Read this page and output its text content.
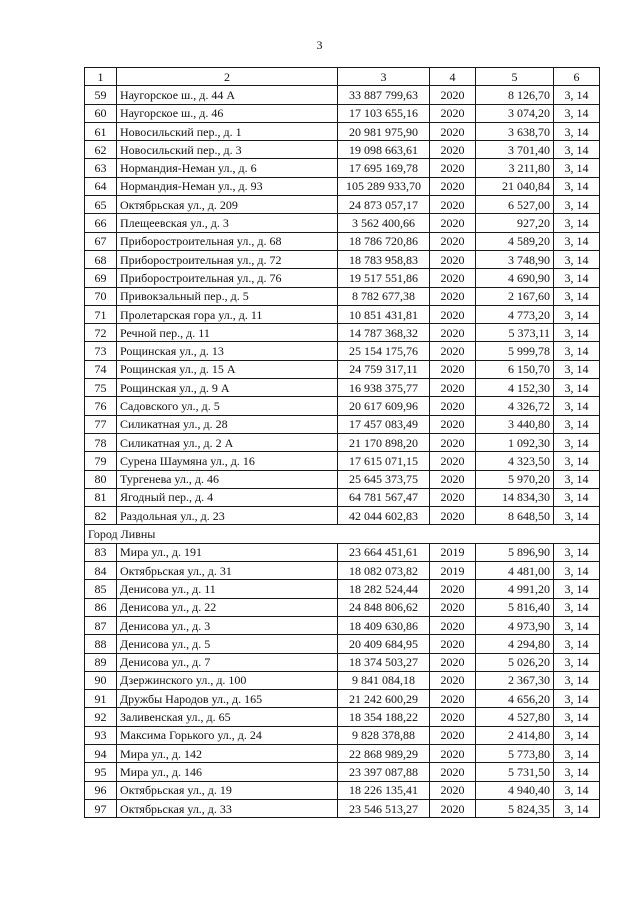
3
1	2	3	4	5	6
59	Наугорское ш., д. 44 А	33 887 799,63	2020	8 126,70	3, 14
60	Наугорское ш., д. 46	17 103 655,16	2020	3 074,20	3, 14
61	Новосильский пер., д. 1	20 981 975,90	2020	3 638,70	3, 14
62	Новосильский пер., д. 3	19 098 663,61	2020	3 701,40	3, 14
63	Нормандия-Неман ул., д. 6	17 695 169,78	2020	3 211,80	3, 14
64	Нормандия-Неман ул., д. 93	105 289 933,70	2020	21 040,84	3, 14
65	Октябрьская ул., д. 209	24 873 057,17	2020	6 527,00	3, 14
66	Плещеевская ул., д. 3	3 562 400,66	2020	927,20	3, 14
67	Приборостроительная ул., д. 68	18 786 720,86	2020	4 589,20	3, 14
68	Приборостроительная ул., д. 72	18 783 958,83	2020	3 748,90	3, 14
69	Приборостроительная ул., д. 76	19 517 551,86	2020	4 690,90	3, 14
70	Привокзальный пер., д. 5	8 782 677,38	2020	2 167,60	3, 14
71	Пролетарская гора ул., д. 11	10 851 431,81	2020	4 773,20	3, 14
72	Речной пер., д. 11	14 787 368,32	2020	5 373,11	3, 14
73	Рощинская ул., д. 13	25 154 175,76	2020	5 999,78	3, 14
74	Рощинская ул., д. 15 А	24 759 317,11	2020	6 150,70	3, 14
75	Рощинская ул., д. 9 А	16 938 375,77	2020	4 152,30	3, 14
76	Садовского ул., д. 5	20 617 609,96	2020	4 326,72	3, 14
77	Силикатная ул., д. 28	17 457 083,49	2020	3 440,80	3, 14
78	Силикатная ул., д. 2 А	21 170 898,20	2020	1 092,30	3, 14
79	Сурена Шаумяна ул., д. 16	17 615 071,15	2020	4 323,50	3, 14
80	Тургенева ул., д. 46	25 645 373,75	2020	5 970,20	3, 14
81	Ягодный пер., д. 4	64 781 567,47	2020	14 834,30	3, 14
82	Раздольная ул., д. 23	42 044 602,83	2020	8 648,50	3, 14
Город Ливны					
83	Мира ул., д. 191	23 664 451,61	2019	5 896,90	3, 14
84	Октябрьская ул., д. 31	18 082 073,82	2019	4 481,00	3, 14
85	Денисова ул., д. 11	18 282 524,44	2020	4 991,20	3, 14
86	Денисова ул., д. 22	24 848 806,62	2020	5 816,40	3, 14
87	Денисова ул., д. 3	18 409 630,86	2020	4 973,90	3, 14
88	Денисова ул., д. 5	20 409 684,95	2020	4 294,80	3, 14
89	Денисова ул., д. 7	18 374 503,27	2020	5 026,20	3, 14
90	Дзержинского ул., д. 100	9 841 084,18	2020	2 367,30	3, 14
91	Дружбы Народов ул., д. 165	21 242 600,29	2020	4 656,20	3, 14
92	Заливенская ул., д. 65	18 354 188,22	2020	4 527,80	3, 14
93	Максима Горького ул., д. 24	9 828 378,88	2020	2 414,80	3, 14
94	Мира ул., д. 142	22 868 989,29	2020	5 773,80	3, 14
95	Мира ул., д. 146	23 397 087,88	2020	5 731,50	3, 14
96	Октябрьская ул., д. 19	18 226 135,41	2020	4 940,40	3, 14
97	Октябрьская ул., д. 33	23 546 513,27	2020	5 824,35	3, 14
